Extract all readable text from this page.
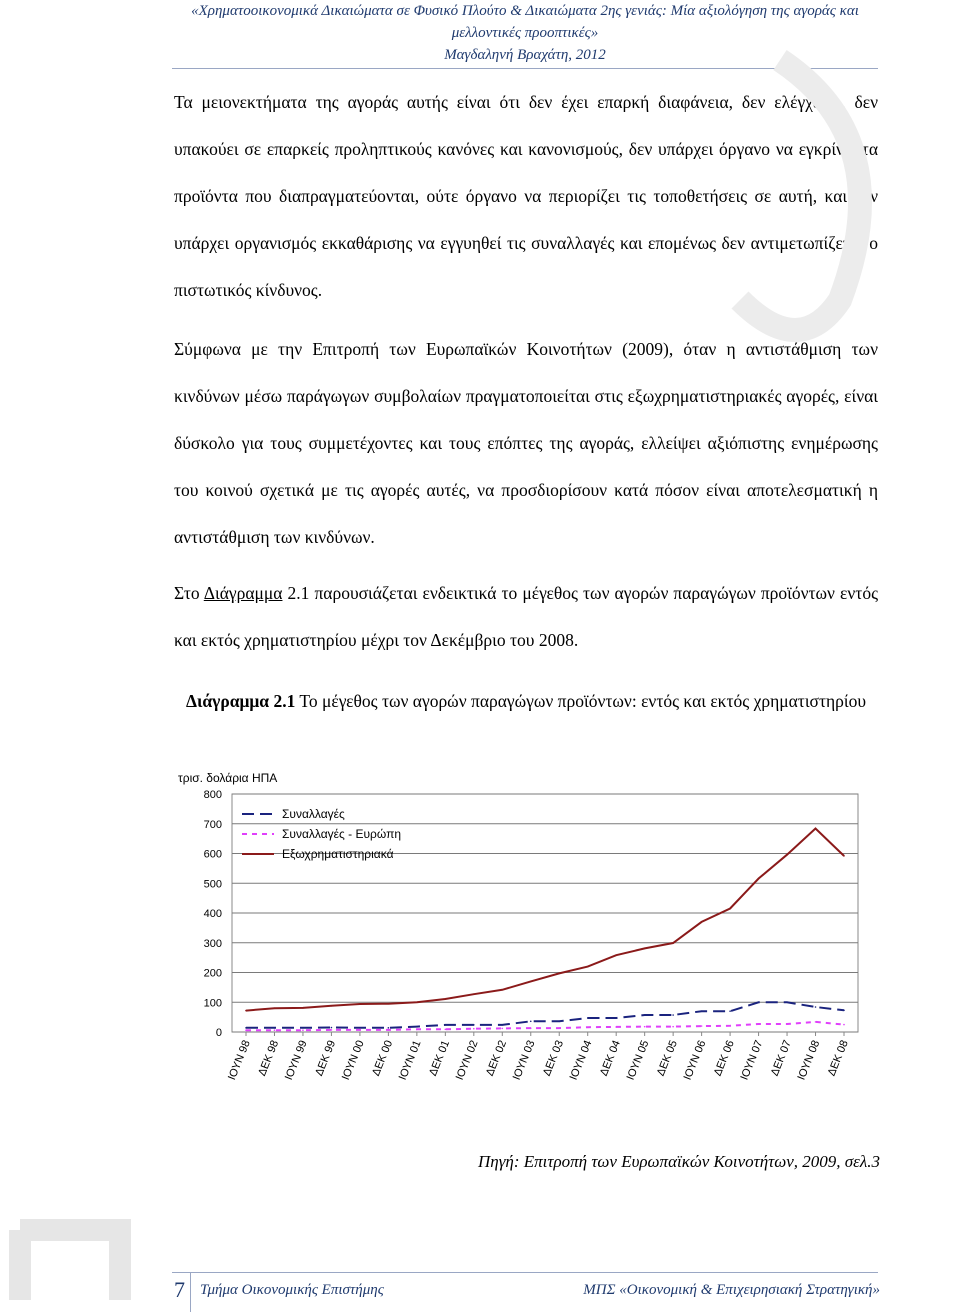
«Χρηματοοικονομικά Δικαιώματα σε Φυσικό Πλούτο & Δικαιώματα 2ης γενιάς: Μία αξιολόγηση της αγοράς και
μελλοντικές προοπτικές»
Μαγδαληνή Βραχάτη, 2012
Τα μειονεκτήματα της αγοράς αυτής είναι ότι δεν έχει επαρκή διαφάνεια, δεν ελέγχεται, δεν υπακούει σε επαρκείς προληπτικούς κανόνες και κανονισμούς, δεν υπάρχει όργανο να εγκρίνει τα προϊόντα που διαπραγματεύονται, ούτε όργανο να περιορίζει τις τοποθετήσεις σε αυτή, και δεν υπάρχει οργανισμός εκκαθάρισης να εγγυηθεί τις συναλλαγές και επομένως δεν αντιμετωπίζεται ο πιστωτικός κίνδυνος.
Σύμφωνα με την Επιτροπή των Ευρωπαϊκών Κοινοτήτων (2009), όταν η αντιστάθμιση των κινδύνων μέσω παράγωγων συμβολαίων πραγματοποιείται στις εξωχρηματιστηριακές αγορές, είναι δύσκολο για τους συμμετέχοντες και τους επόπτες της αγοράς, ελλείψει αξιόπιστης ενημέρωσης του κοινού σχετικά με τις αγορές αυτές, να προσδιορίσουν κατά πόσον είναι αποτελεσματική η αντιστάθμιση των κινδύνων.
Στο Διάγραμμα 2.1 παρουσιάζεται ενδεικτικά το μέγεθος των αγορών παραγώγων προϊόντων εντός και εκτός χρηματιστηρίου μέχρι τον Δεκέμβριο του 2008.
Διάγραμμα 2.1 Το μέγεθος των αγορών παραγώγων προϊόντων: εντός και εκτός χρηματιστηρίου
τρισ. δολάρια ΗΠΑ
0
100
200
300
400
500
600
700
800
ΙΟΥΝ 98 ΔΕΚ 98 ΙΟΥΝ 99 ΔΕΚ 99 ΙΟΥΝ 00 ΔΕΚ 00 ΙΟΥΝ 01 ΔΕΚ 01 ΙΟΥΝ 02 ΔΕΚ 02 ΙΟΥΝ 03 ΔΕΚ 03 ΙΟΥΝ 04 ΔΕΚ 04 ΙΟΥΝ 05 ΔΕΚ 05 ΙΟΥΝ 06 ΔΕΚ 06 ΙΟΥΝ 07 ΔΕΚ 07 ΙΟΥΝ 08 ΔΕΚ 08
Συναλλαγές
Συναλλαγές - Ευρώπη
Εξωχρηματιστηριακά
Πηγή: Επιτροπή των Ευρωπαϊκών Κοινοτήτων, 2009, σελ.3
7 Τμήμα Οικονομικής Επιστήμης	ΜΠΣ «Οικονομική & Επιχειρησιακή Στρατηγική»
